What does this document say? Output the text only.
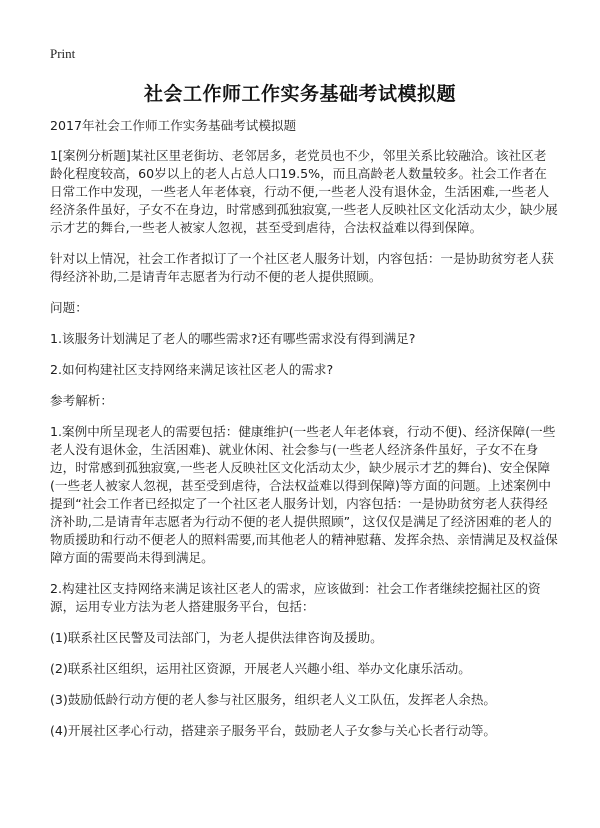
Print
社会工作师工作实务基础考试模拟题

2017年社会工作师工作实务基础考试模拟题

1[案例分析题]某社区里老街坊、老邻居多，老党员也不少，邻里关系比较融洽。该社区老龄化程度较高，60岁以上的老人占总人口19.5%，而且高龄老人数量较多。社会工作者在日常工作中发现，一些老人年老体衰，行动不便,一些老人没有退休金，生活困难,一些老人经济条件虽好，子女不在身边，时常感到孤独寂寞,一些老人反映社区文化活动太少，缺少展示才艺的舞台,一些老人被家人忽视，甚至受到虐待，合法权益难以得到保障。

针对以上情况，社会工作者拟订了一个社区老人服务计划，内容包括：一是协助贫穷老人获得经济补助,二是请青年志愿者为行动不便的老人提供照顾。

问题：

1.该服务计划满足了老人的哪些需求?还有哪些需求没有得到满足?

2.如何构建社区支持网络来满足该社区老人的需求?

参考解析：

1.案例中所呈现老人的需要包括：健康维护(一些老人年老体衰，行动不便)、经济保障(一些老人没有退休金，生活困难)、就业休闲、社会参与(一些老人经济条件虽好，子女不在身边，时常感到孤独寂寞,一些老人反映社区文化活动太少，缺少展示才艺的舞台)、安全保障(一些老人被家人忽视，甚至受到虐待，合法权益难以得到保障)等方面的问题。上述案例中提到“社会工作者已经拟定了一个社区老人服务计划，内容包括：一是协助贫穷老人获得经济补助,二是请青年志愿者为行动不便的老人提供照顾”，这仅仅是满足了经济困难的老人的物质援助和行动不便老人的照料需要,而其他老人的精神慰藉、发挥余热、亲情满足及权益保障方面的需要尚未得到满足。

2.构建社区支持网络来满足该社区老人的需求，应该做到：社会工作者继续挖掘社区的资源，运用专业方法为老人搭建服务平台，包括：

(1)联系社区民警及司法部门，为老人提供法律咨询及援助。

(2)联系社区组织，运用社区资源，开展老人兴趣小组、举办文化康乐活动。

(3)鼓励低龄行动方便的老人参与社区服务，组织老人义工队伍，发挥老人余热。

(4)开展社区孝心行动，搭建亲子服务平台，鼓励老人子女参与关心长者行动等。
